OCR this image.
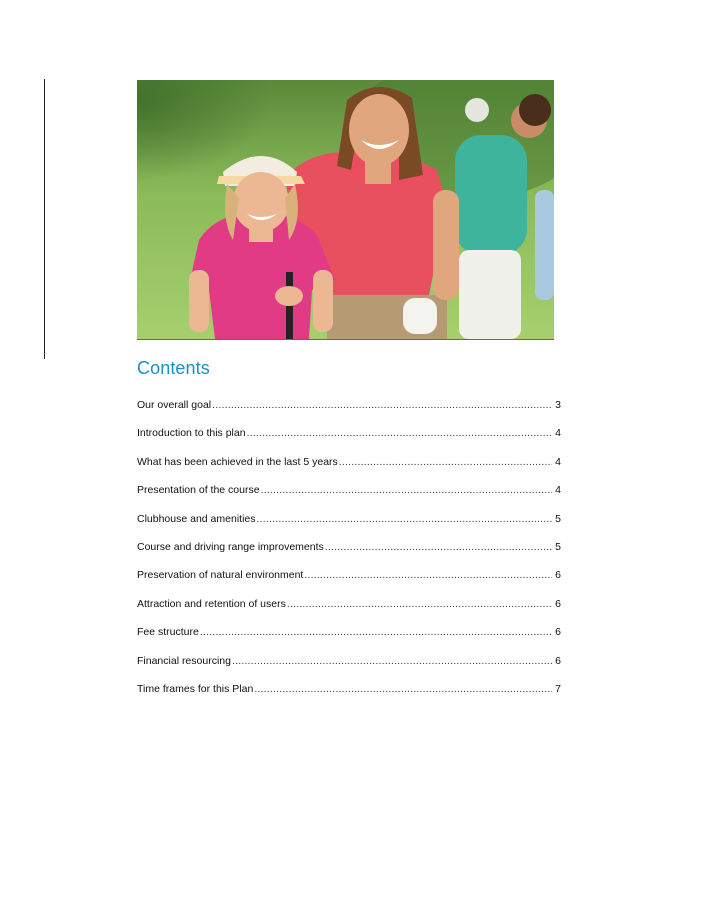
Contents
Our overall goal .....	3
Introduction to this plan .....	4
What has been achieved in the last 5 years .....	4
Presentation of the course .....	4
Clubhouse and amenities .....	5
Course and driving range improvements .....	5
Preservation of natural environment .....	6
Attraction and retention of users .....	6
Fee structure .....	6
Financial resourcing .....	6
Time frames for this Plan .....	7
